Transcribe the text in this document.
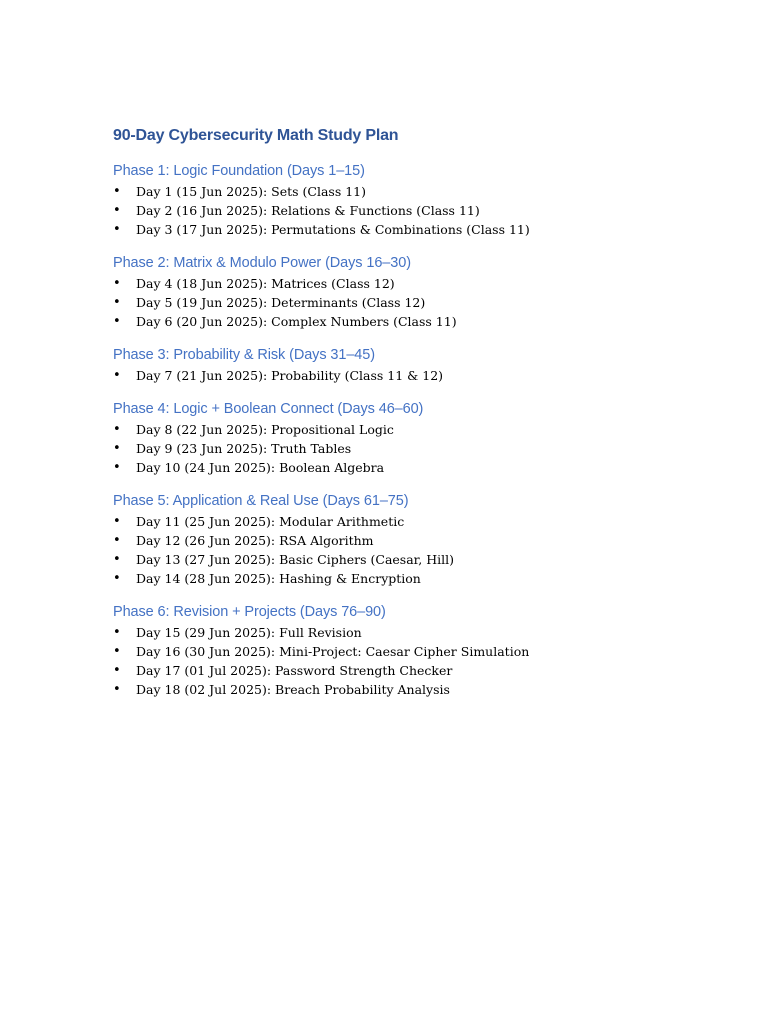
90-Day Cybersecurity Math Study Plan
Phase 1: Logic Foundation (Days 1–15)
• Day 1 (15 Jun 2025): Sets (Class 11)
• Day 2 (16 Jun 2025): Relations & Functions (Class 11)
• Day 3 (17 Jun 2025): Permutations & Combinations (Class 11)
Phase 2: Matrix & Modulo Power (Days 16–30)
• Day 4 (18 Jun 2025): Matrices (Class 12)
• Day 5 (19 Jun 2025): Determinants (Class 12)
• Day 6 (20 Jun 2025): Complex Numbers (Class 11)
Phase 3: Probability & Risk (Days 31–45)
• Day 7 (21 Jun 2025): Probability (Class 11 & 12)
Phase 4: Logic + Boolean Connect (Days 46–60)
• Day 8 (22 Jun 2025): Propositional Logic
• Day 9 (23 Jun 2025): Truth Tables
• Day 10 (24 Jun 2025): Boolean Algebra
Phase 5: Application & Real Use (Days 61–75)
• Day 11 (25 Jun 2025): Modular Arithmetic
• Day 12 (26 Jun 2025): RSA Algorithm
• Day 13 (27 Jun 2025): Basic Ciphers (Caesar, Hill)
• Day 14 (28 Jun 2025): Hashing & Encryption
Phase 6: Revision + Projects (Days 76–90)
• Day 15 (29 Jun 2025): Full Revision
• Day 16 (30 Jun 2025): Mini-Project: Caesar Cipher Simulation
• Day 17 (01 Jul 2025): Password Strength Checker
• Day 18 (02 Jul 2025): Breach Probability Analysis
